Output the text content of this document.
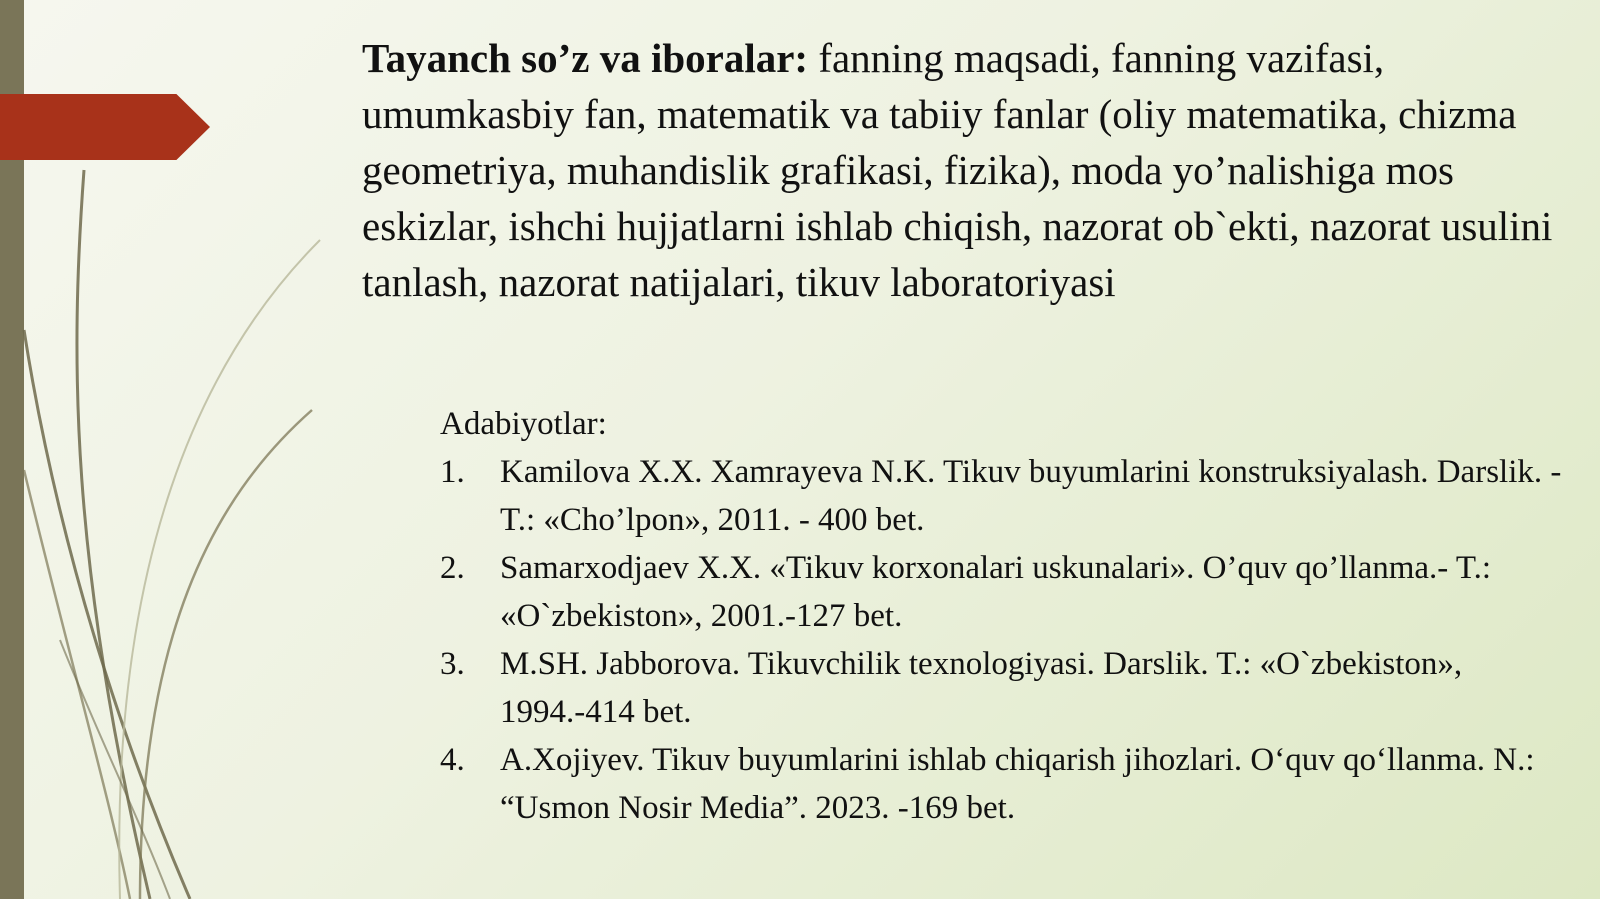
Tayanch so’z va iboralar: fanning maqsadi, fanning vazifasi, umumkasbiy fan, matematik va tabiiy fanlar (oliy matematika, chizma geometriya, muhandislik grafikasi, fizika), moda yo’nalishiga mos eskizlar, ishchi hujjatlarni ishlab chiqish, nazorat ob`ekti, nazorat usulini tanlash, nazorat natijalari, tikuv laboratoriyasi
Adabiyotlar:
1. Kamilova X.X. Xamrayeva N.K. Tikuv buyumlarini konstruksiyalash. Darslik. - T.: «Cho’lpon», 2011. - 400 bet.
2. Samarxodjaev X.X. «Tikuv korxonalari uskunalari». O’quv qo’llanma.- T.: «O`zbekiston», 2001.-127 bet.
3. M.SH. Jabborova. Tikuvchilik texnologiyasi. Darslik. T.: «O`zbekiston», 1994.-414 bet.
4. A.Xojiyev. Tikuv buyumlarini ishlab chiqarish jihozlari. O‘quv qo‘llanma. N.: “Usmon Nosir Media”. 2023. -169 bet.
